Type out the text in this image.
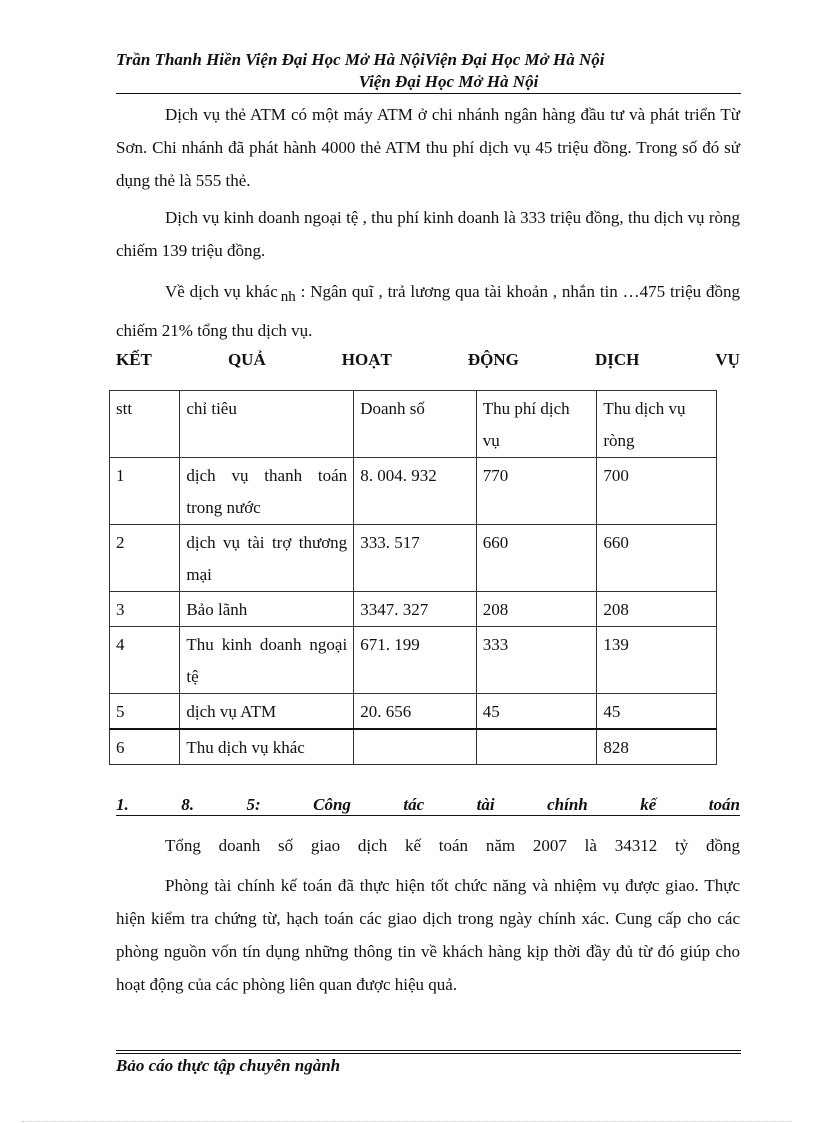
Trần Thanh Hiền Viện Đại Học Mở Hà NộiViện Đại Học Mở Hà Nội
Viện Đại Học Mở Hà Nội
Dịch vụ thẻ ATM có một máy ATM ở chi nhánh ngân hàng đầu tư và phát triển Từ Sơn. Chi nhánh đã phát hành 4000 thẻ ATM thu phí dịch vụ 45 triệu đồng. Trong số đó sử dụng thẻ là 555 thẻ.
Dịch vụ kinh doanh ngoại tệ , thu phí kinh doanh là 333 triệu đồng, thu dịch vụ ròng chiếm 139 triệu đồng.
Về dịch vụ khác nh : Ngân quĩ , trả lương qua tài khoản , nhắn tin …475 triệu đồng chiếm 21% tổng thu dịch vụ.
KẾT	QUẢ	HOẠT	ĐỘNG	DỊCH	VỤ
stt	chỉ tiêu	Doanh số	Thu phí dịch vụ	Thu dịch vụ ròng
1	dịch vụ thanh toán trong nước	8. 004. 932	770	700
2	dịch vụ tài trợ thương mại	333. 517	660	660
3	Bảo lãnh	3347. 327	208	208
4	Thu kinh doanh ngoại tệ	671. 199	333	139
5	dịch vụ ATM	20. 656	45	45
6	Thu dịch vụ khác			828
1.	8.	5:	Công	tác	tài	chính	kế	toán
Tổng doanh số giao dịch kế toán năm 2007 là 34312 tỷ đồng
Phòng tài chính kế toán đã thực hiện tốt chức năng và nhiệm vụ được giao. Thực hiện kiểm tra chứng từ, hạch toán các giao dịch trong ngày chính xác. Cung cấp cho các phòng nguồn vốn tín dụng những thông tin về khách hàng kịp thời đầy đủ từ đó giúp cho hoạt động của các phòng liên quan được hiệu quả.
Bảo cáo thực tập chuyên ngành
